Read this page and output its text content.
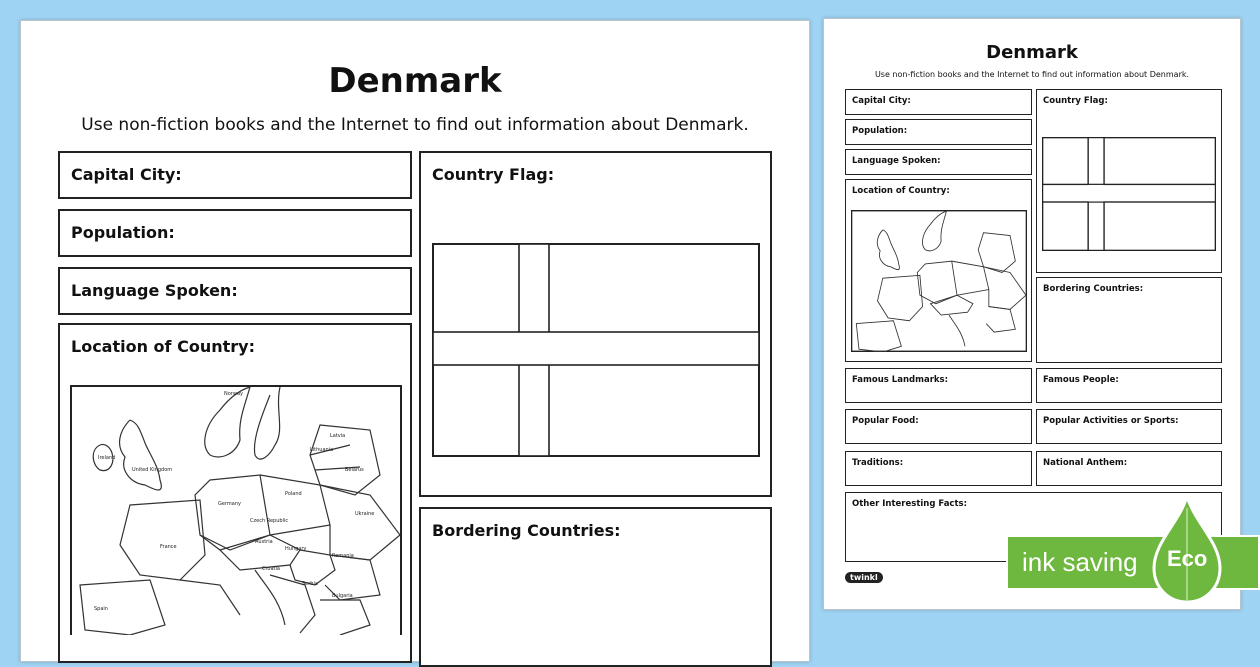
Denmark
Use non-fiction books and the Internet to find out information about Denmark.
Capital City:
Population:
Language Spoken:
Location of Country:
Norway
Ireland
United Kingdom
Latvia
Lithuania
Belarus
Germany
Poland
Czech Republic
Austria
Hungary
Ukraine
France
Romania
Croatia
Serbia
Bulgaria
Spain
Country Flag:
Bordering Countries:
Denmark
Use non-fiction books and the Internet to find out information about Denmark.
Capital City:
Population:
Language Spoken:
Location of Country:
Country Flag:
Bordering Countries:
Famous Landmarks:	Famous People:
Popular Food:	Popular Activities or Sports:
Traditions:	National Anthem:
Other Interesting Facts:
twinkl
ink saving Eco
